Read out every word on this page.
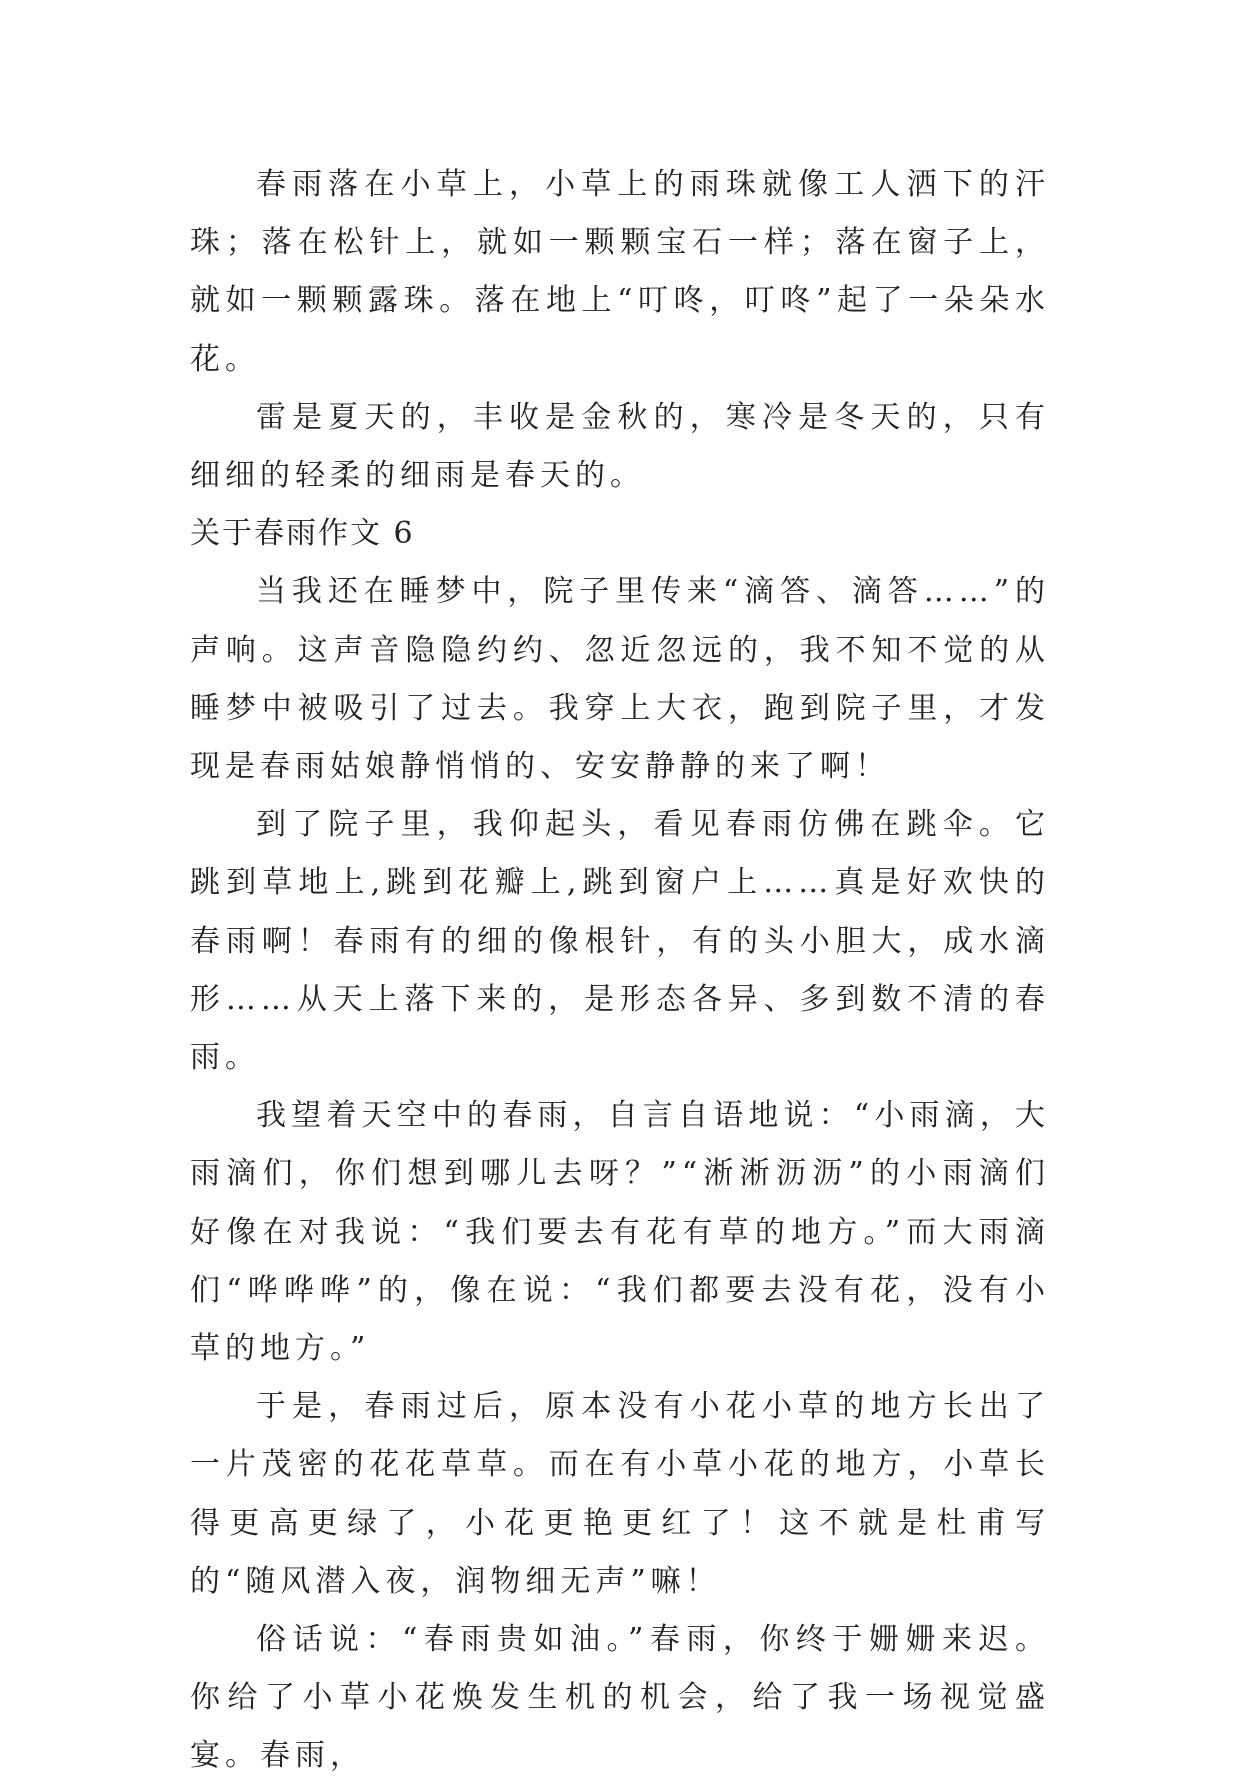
春雨落在小草上，小草上的雨珠就像工人洒下的汗珠；落在松针上，就如一颗颗宝石一样；落在窗子上，就如一颗颗露珠。落在地上“叮咚，叮咚”起了一朵朵水花。

雷是夏天的，丰收是金秋的，寒冷是冬天的，只有细细的轻柔的细雨是春天的。

关于春雨作文 6

当我还在睡梦中，院子里传来“滴答、滴答……”的声响。这声音隐隐约约、忽近忽远的，我不知不觉的从睡梦中被吸引了过去。我穿上大衣，跑到院子里，才发现是春雨姑娘静悄悄的、安安静静的来了啊！

到了院子里，我仰起头，看见春雨仿佛在跳伞。它跳到草地上,跳到花瓣上,跳到窗户上……真是好欢快的春雨啊！春雨有的细的像根针，有的头小胆大，成水滴形……从天上落下来的，是形态各异、多到数不清的春雨。

我望着天空中的春雨，自言自语地说：“小雨滴，大雨滴们，你们想到哪儿去呀？”“淅淅沥沥”的小雨滴们好像在对我说：“我们要去有花有草的地方。”而大雨滴们“哗哗哗”的，像在说：“我们都要去没有花，没有小草的地方。”

于是，春雨过后，原本没有小花小草的地方长出了一片茂密的花花草草。而在有小草小花的地方，小草长得更高更绿了，小花更艳更红了！这不就是杜甫写的“随风潜入夜，润物细无声”嘛！

俗话说：“春雨贵如油。”春雨，你终于姗姗来迟。你给了小草小花焕发生机的机会，给了我一场视觉盛宴。春雨，
